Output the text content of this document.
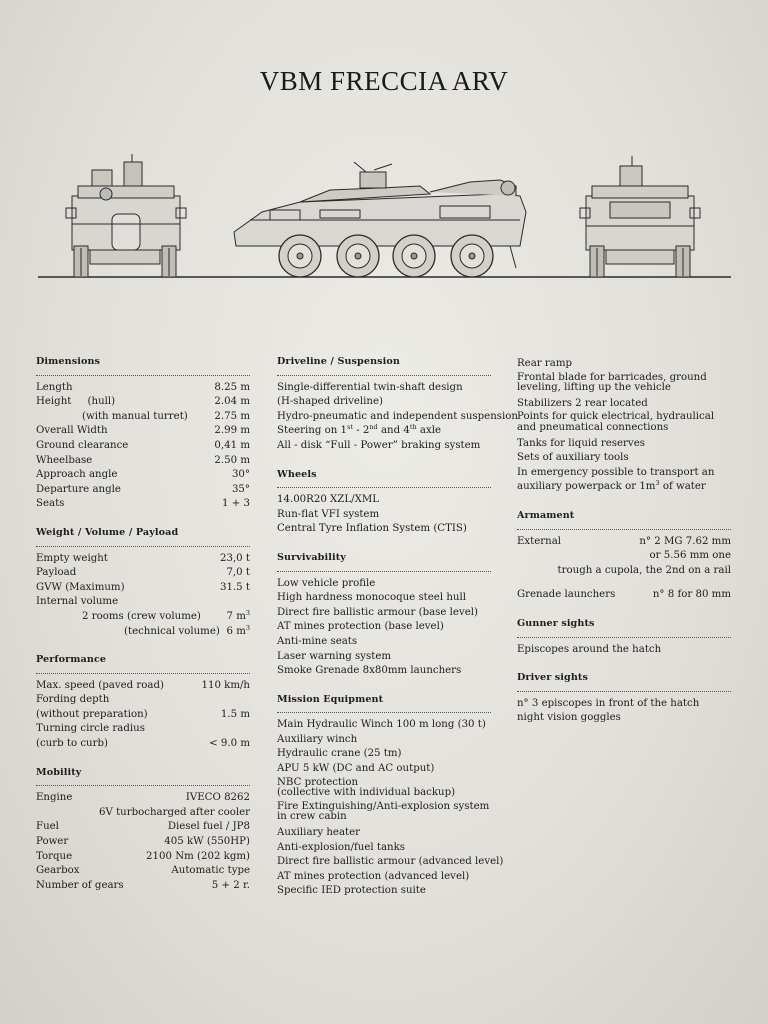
VBM FRECCIA ARV
Dimensions
Length	8.25 m
Height     (hull)	2.04 m
(with manual turret)	2.75 m
Overall Width	2.99 m
Ground clearance	0,41 m
Wheelbase	2.50 m
Approach angle	30°
Departure angle	35°
Seats	1 + 3
Weight / Volume / Payload
Empty weight	23,0 t
Payload	7,0 t
GVW (Maximum)	31.5 t
Internal volume
2 rooms (crew volume)	7 $m^3$
(technical volume) 6 $m^3$
Performance
Max. speed (paved road)	110 km/h
Fording depth
(without preparation)	1.5 m
Turning circle radius
(curb to curb)	< 9.0 m
Mobility
Engine	IVECO 8262
6V turbocharged after cooler
Fuel	Diesel fuel / JP8
Power	405 kW (550HP)
Torque	2100 Nm (202 kgm)
Gearbox	Automatic type
Number of gears	5 + 2 r.
Driveline / Suspension
Single-differential twin-shaft design
(H-shaped driveline)
Hydro-pneumatic and independent suspension
Steering on 1st - 2nd and 4th axle
All - disk “Full - Power” braking system
Wheels
14.00R20 XZL/XML
Run-flat VFI system
Central Tyre Inflation System (CTIS)
Survivability
Low vehicle profile
High hardness monocoque steel hull
Direct fire ballistic armour (base level)
AT mines protection (base level)
Anti-mine seats
Laser warning system
Smoke Grenade 8x80mm launchers
Mission Equipment
Main Hydraulic Winch 100 m long (30 t)
Auxiliary winch
Hydraulic crane (25 tm)
APU 5 kW (DC and AC output)
NBC protection
(collective with individual backup)
Fire Extinguishing/Anti-explosion system
in crew cabin
Auxiliary heater
Anti-explosion/fuel tanks
Direct fire ballistic armour (advanced level)
AT mines protection (advanced level)
Specific IED protection suite
Rear ramp
Frontal blade for barricades, ground leveling, lifting up the vehicle
Stabilizers 2 rear located
Points for quick electrical, hydraulical and pneumatical connections
Tanks for liquid reserves
Sets of auxiliary tools
In emergency possible to transport an
auxiliary powerpack or $1m^3$ of water
Armament
External	n° 2 MG 7.62 mm
or 5.56 mm one
trough a cupola, the 2nd on a rail
Grenade launchers	n° 8 for 80 mm
Gunner sights
Episcopes around the hatch
Driver sights
n° 3 episcopes in front of the hatch
night vision goggles
